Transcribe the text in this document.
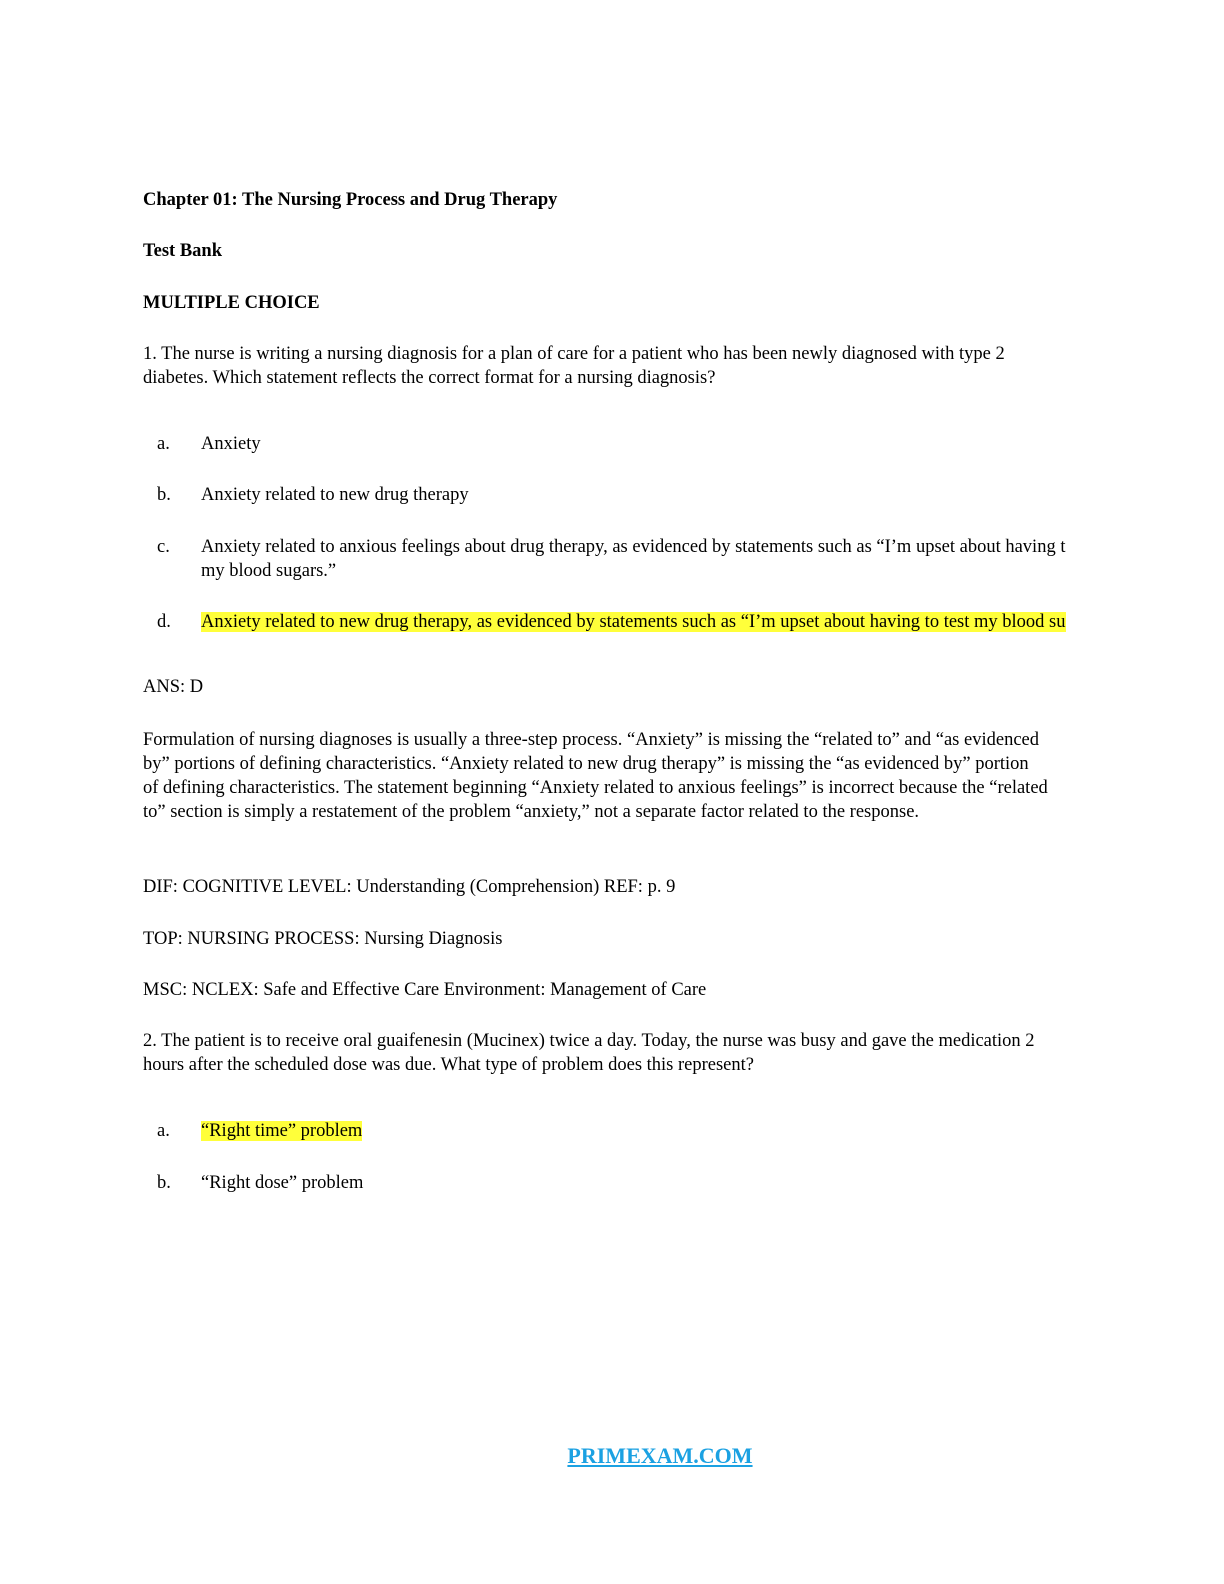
Chapter 01: The Nursing Process and Drug Therapy
Test Bank
MULTIPLE CHOICE
1. The nurse is writing a nursing diagnosis for a plan of care for a patient who has been newly diagnosed with type 2 diabetes. Which statement reflects the correct format for a nursing diagnosis?
a. Anxiety
b. Anxiety related to new drug therapy
c. Anxiety related to anxious feelings about drug therapy, as evidenced by statements such as “I’m upset about having t
my blood sugars.”
d. Anxiety related to new drug therapy, as evidenced by statements such as “I’m upset about having to test my blood su
ANS: D
Formulation of nursing diagnoses is usually a three-step process. “Anxiety” is missing the “related to” and “as evidenced by” portions of defining characteristics. “Anxiety related to new drug therapy” is missing the “as evidenced by” portion of defining characteristics. The statement beginning “Anxiety related to anxious feelings” is incorrect because the “related to” section is simply a restatement of the problem “anxiety,” not a separate factor related to the response.
DIF: COGNITIVE LEVEL: Understanding (Comprehension) REF: p. 9
TOP: NURSING PROCESS: Nursing Diagnosis
MSC: NCLEX: Safe and Effective Care Environment: Management of Care
2. The patient is to receive oral guaifenesin (Mucinex) twice a day. Today, the nurse was busy and gave the medication 2 hours after the scheduled dose was due. What type of problem does this represent?
a. “Right time” problem
b. “Right dose” problem
PRIMEXAM.COM
